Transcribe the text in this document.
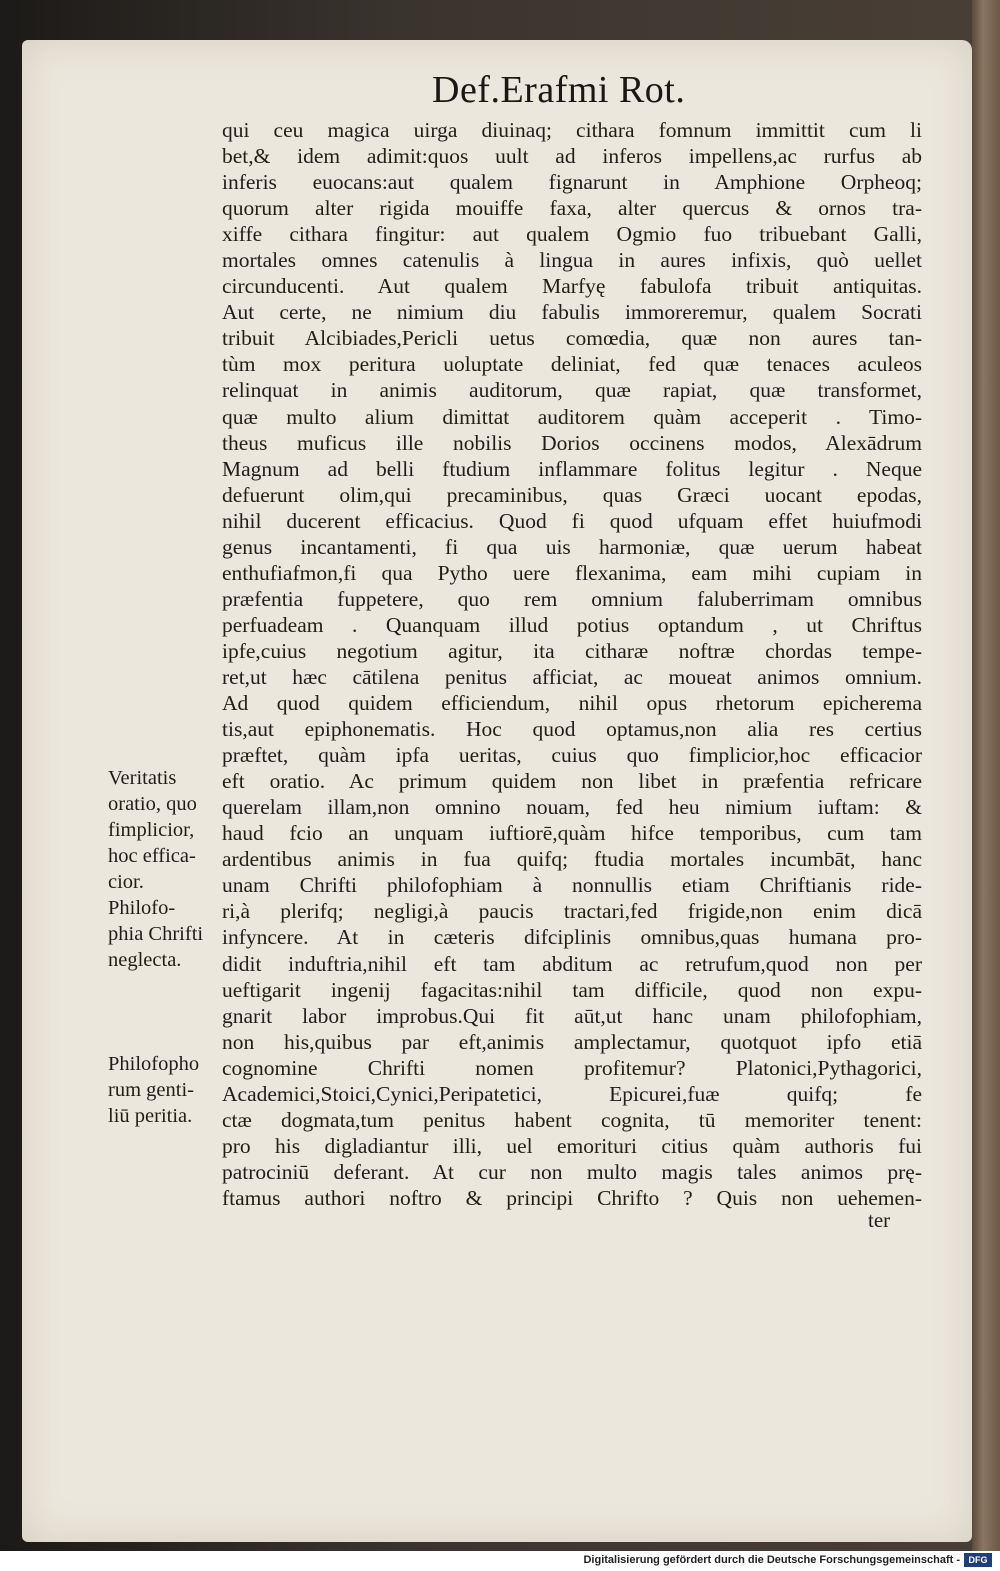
Def.Erafmi Rot.
qui ceu magica uirga diuinaq; cithara fomnum immittit cum li
bet,& idem adimit:quos uult ad inferos impellens,ac rurfus ab
inferis euocans:aut qualem fignarunt in Amphione Orpheoq;
quorum alter rigida mouiffe faxa, alter quercus & ornos tra-
xiffe cithara fingitur: aut qualem Ogmio fuo tribuebant Galli,
mortales omnes catenulis à lingua in aures infixis, quò uellet
circunducenti. Aut qualem Marfyę fabulofa tribuit antiquitas.
Aut certe, ne nimium diu fabulis immoreremur, qualem Socrati
tribuit Alcibiades,Pericli uetus comœdia, quæ non aures tan-
tùm mox peritura uoluptate deliniat, fed quæ tenaces aculeos
relinquat in animis auditorum, quæ rapiat, quæ transformet,
quæ multo alium dimittat auditorem quàm acceperit . Timo-
theus muficus ille nobilis Dorios occinens modos, Alexādrum
Magnum ad belli ftudium inflammare folitus legitur . Neque
defuerunt olim,qui precaminibus, quas Græci uocant epodas,
nihil ducerent efficacius. Quod fi quod ufquam effet huiufmodi
genus incantamenti, fi qua uis harmoniæ, quæ uerum habeat
enthufiafmon,fi qua Pytho uere flexanima, eam mihi cupiam in
præfentia fuppetere, quo rem omnium faluberrimam omnibus
perfuadeam . Quanquam illud potius optandum , ut Chriftus
ipfe,cuius negotium agitur, ita citharæ noftræ chordas tempe-
ret,ut hæc cātilena penitus afficiat, ac moueat animos omnium.
Ad quod quidem efficiendum, nihil opus rhetorum epicherema
tis,aut epiphonematis. Hoc quod optamus,non alia res certius
præftet, quàm ipfa ueritas, cuius quo fimplicior,hoc efficacior
eft oratio. Ac primum quidem non libet in præfentia refricare
querelam illam,non omnino nouam, fed heu nimium iuftam: &
haud fcio an unquam iuftiorē,quàm hifce temporibus, cum tam
ardentibus animis in fua quifq; ftudia mortales incumbāt, hanc
unam Chrifti philofophiam à nonnullis etiam Chriftianis ride-
ri,à plerifq; negligi,à paucis tractari,fed frigide,non enim dicā
infyncere. At in cæteris difciplinis omnibus,quas humana pro-
didit induftria,nihil eft tam abditum ac retrufum,quod non per
ueftigarit ingenij fagacitas:nihil tam difficile, quod non expu-
gnarit labor improbus.Qui fit aūt,ut hanc unam philofophiam,
non his,quibus par eft,animis amplectamur, quotquot ipfo etiā
cognomine Chrifti nomen profitemur? Platonici,Pythagorici,
Academici,Stoici,Cynici,Peripatetici, Epicurei,fuæ quifq; fe
ctæ dogmata,tum penitus habent cognita, tū memoriter tenent:
pro his digladiantur illi, uel emorituri citius quàm authoris fui
patrociniū deferant. At cur non multo magis tales animos prę-
ftamus authori noftro & principi Chrifto ? Quis non uehemen-
ter
Veritatis
oratio, quo
fimplicior,
hoc effica-
cior.
Philofo-
phia Chrifti
neglecta.
Philofopho
rum genti-
liū peritia.
Digitalisierung gefördert durch die Deutsche Forschungsgemeinschaft - DFG
